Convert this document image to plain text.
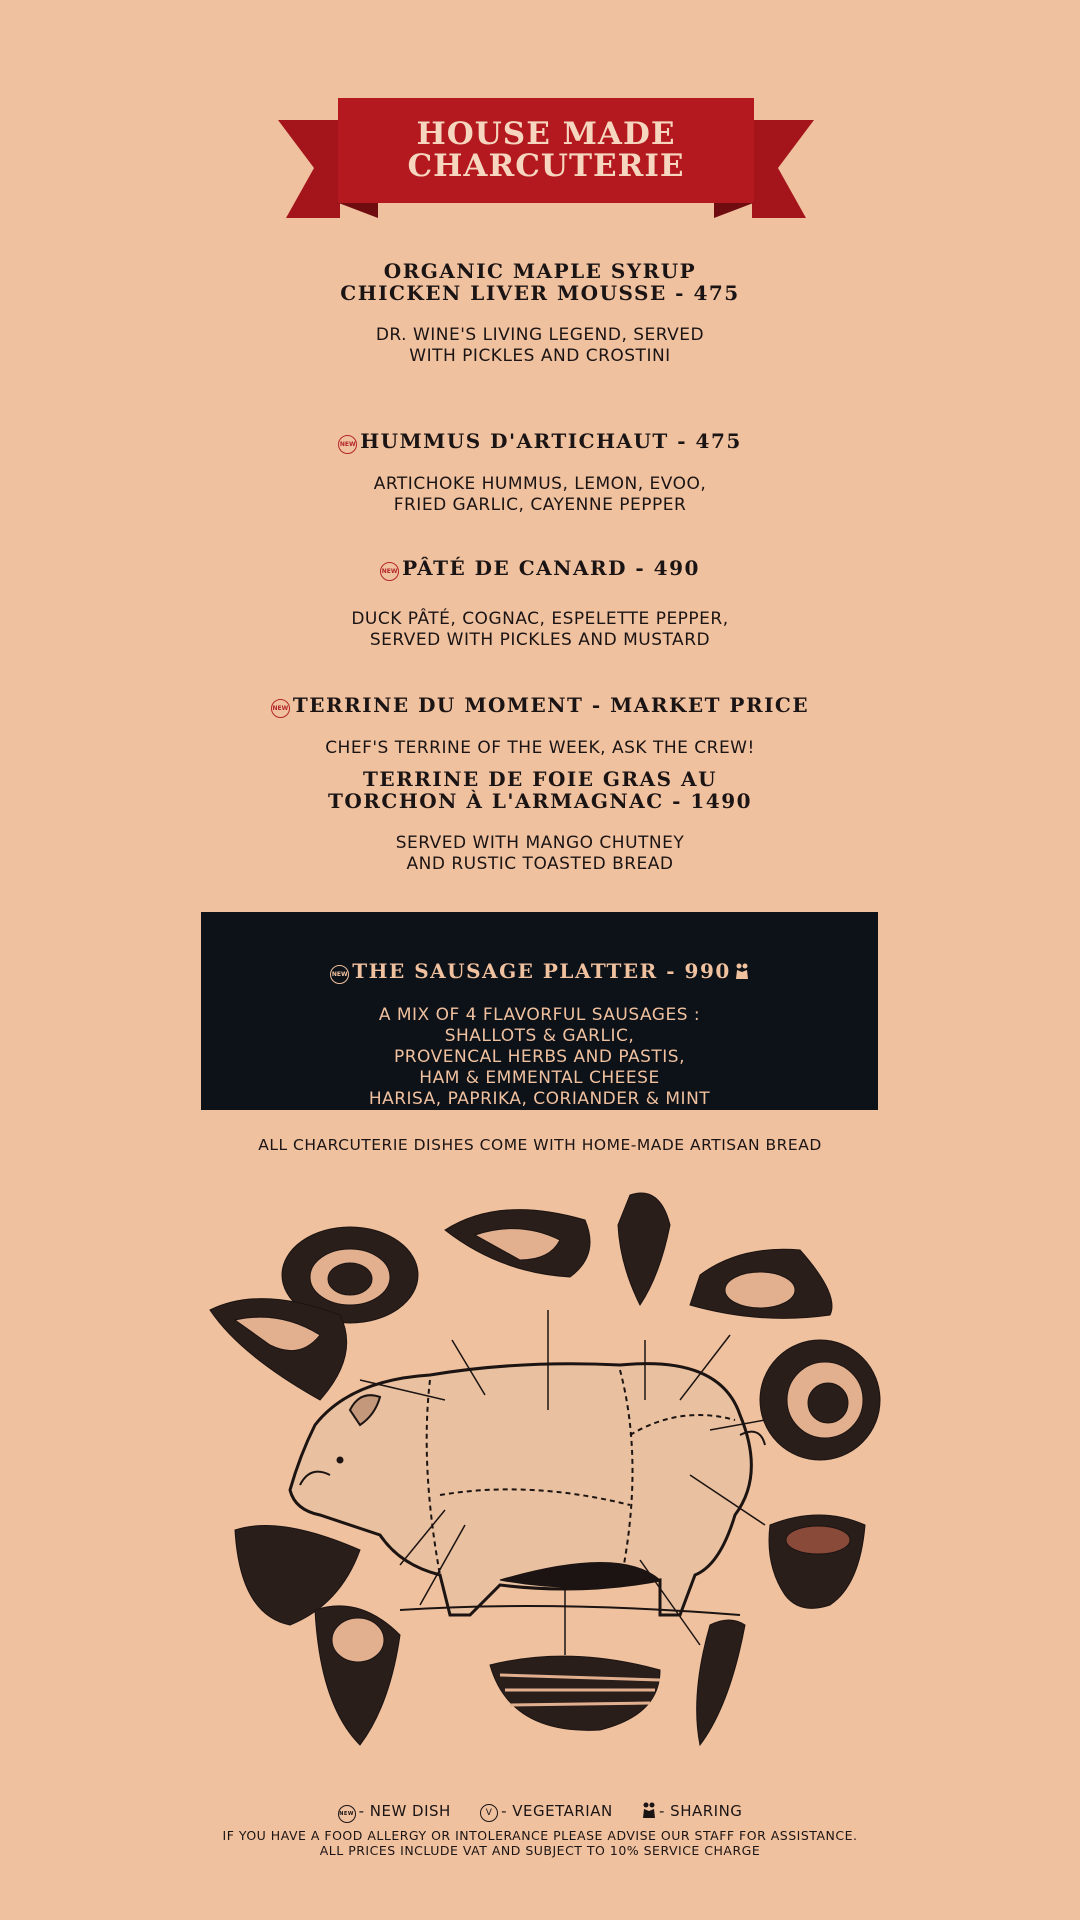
HOUSE MADE
CHARCUTERIE
ORGANIC MAPLE SYRUP
CHICKEN LIVER MOUSSE - 475
DR. WINE'S LIVING LEGEND, SERVED
WITH PICKLES AND CROSTINI

NEW HUMMUS D'ARTICHAUT - 475

ARTICHOKE HUMMUS, LEMON, EVOO,
FRIED GARLIC, CAYENNE PEPPER

NEW PÂTÉ DE CANARD - 490

DUCK PÂTÉ, COGNAC, ESPELETTE PEPPER,
SERVED WITH PICKLES AND MUSTARD

NEW TERRINE DU MOMENT - MARKET PRICE

CHEF'S TERRINE OF THE WEEK, ASK THE CREW!
TERRINE DE FOIE GRAS AU
TORCHON À L'ARMAGNAC - 1490
SERVED WITH MANGO CHUTNEY
AND RUSTIC TOASTED BREAD

NEW THE SAUSAGE PLATTER - 990

A MIX OF 4 FLAVORFUL SAUSAGES :
SHALLOTS & GARLIC,
PROVENCAL HERBS AND PASTIS,
HAM & EMMENTAL CHEESE
HARISA, PAPRIKA, CORIANDER & MINT
ALL CHARCUTERIE DISHES COME WITH HOME-MADE ARTISAN BREAD
NEW - NEW DISH	V - VEGETARIAN	- SHARING
IF YOU HAVE A FOOD ALLERGY OR INTOLERANCE PLEASE ADVISE OUR STAFF FOR ASSISTANCE.
ALL PRICES INCLUDE VAT AND SUBJECT TO 10% SERVICE CHARGE
